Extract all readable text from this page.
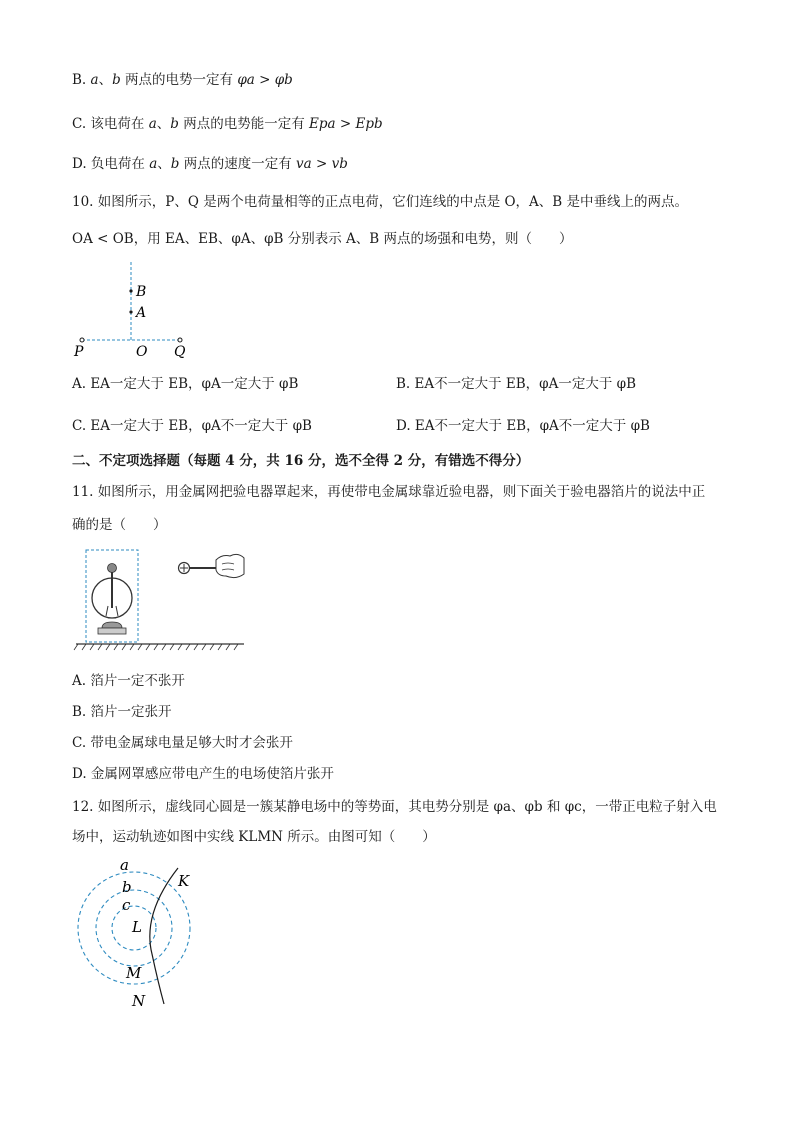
B. a、b 两点的电势一定有 φa > φb
C. 该电荷在 a、b 两点的电势能一定有 Epa > Epb
D. 负电荷在 a、b 两点的速度一定有 va > vb
10. 如图所示，P、Q 是两个电荷量相等的正点电荷，它们连线的中点是 O，A、B 是中垂线上的两点。
OA < OB，用 EA、EB、φA、φB 分别表示 A、B 两点的场强和电势，则（　　）
B
A
P	O Q
A. EA一定大于 EB，φA一定大于 φB	B. EA不一定大于 EB，φA一定大于 φB
C. EA一定大于 EB，φA不一定大于 φB	D. EA不一定大于 EB，φA不一定大于 φB
二、不定项选择题（每题 4 分，共 16 分，选不全得 2 分，有错选不得分）
11. 如图所示，用金属网把验电器罩起来，再使带电金属球靠近验电器，则下面关于验电器箔片的说法中正
确的是（　　）
A. 箔片一定不张开
B. 箔片一定张开
C. 带电金属球电量足够大时才会张开
D. 金属网罩感应带电产生的电场使箔片张开
12. 如图所示，虚线同心圆是一簇某静电场中的等势面，其电势分别是 φa、φb 和 φc，一带正电粒子射入电
场中，运动轨迹如图中实线 KLMN 所示。由图可知（　　）
a
b
c
L
M
N
K
